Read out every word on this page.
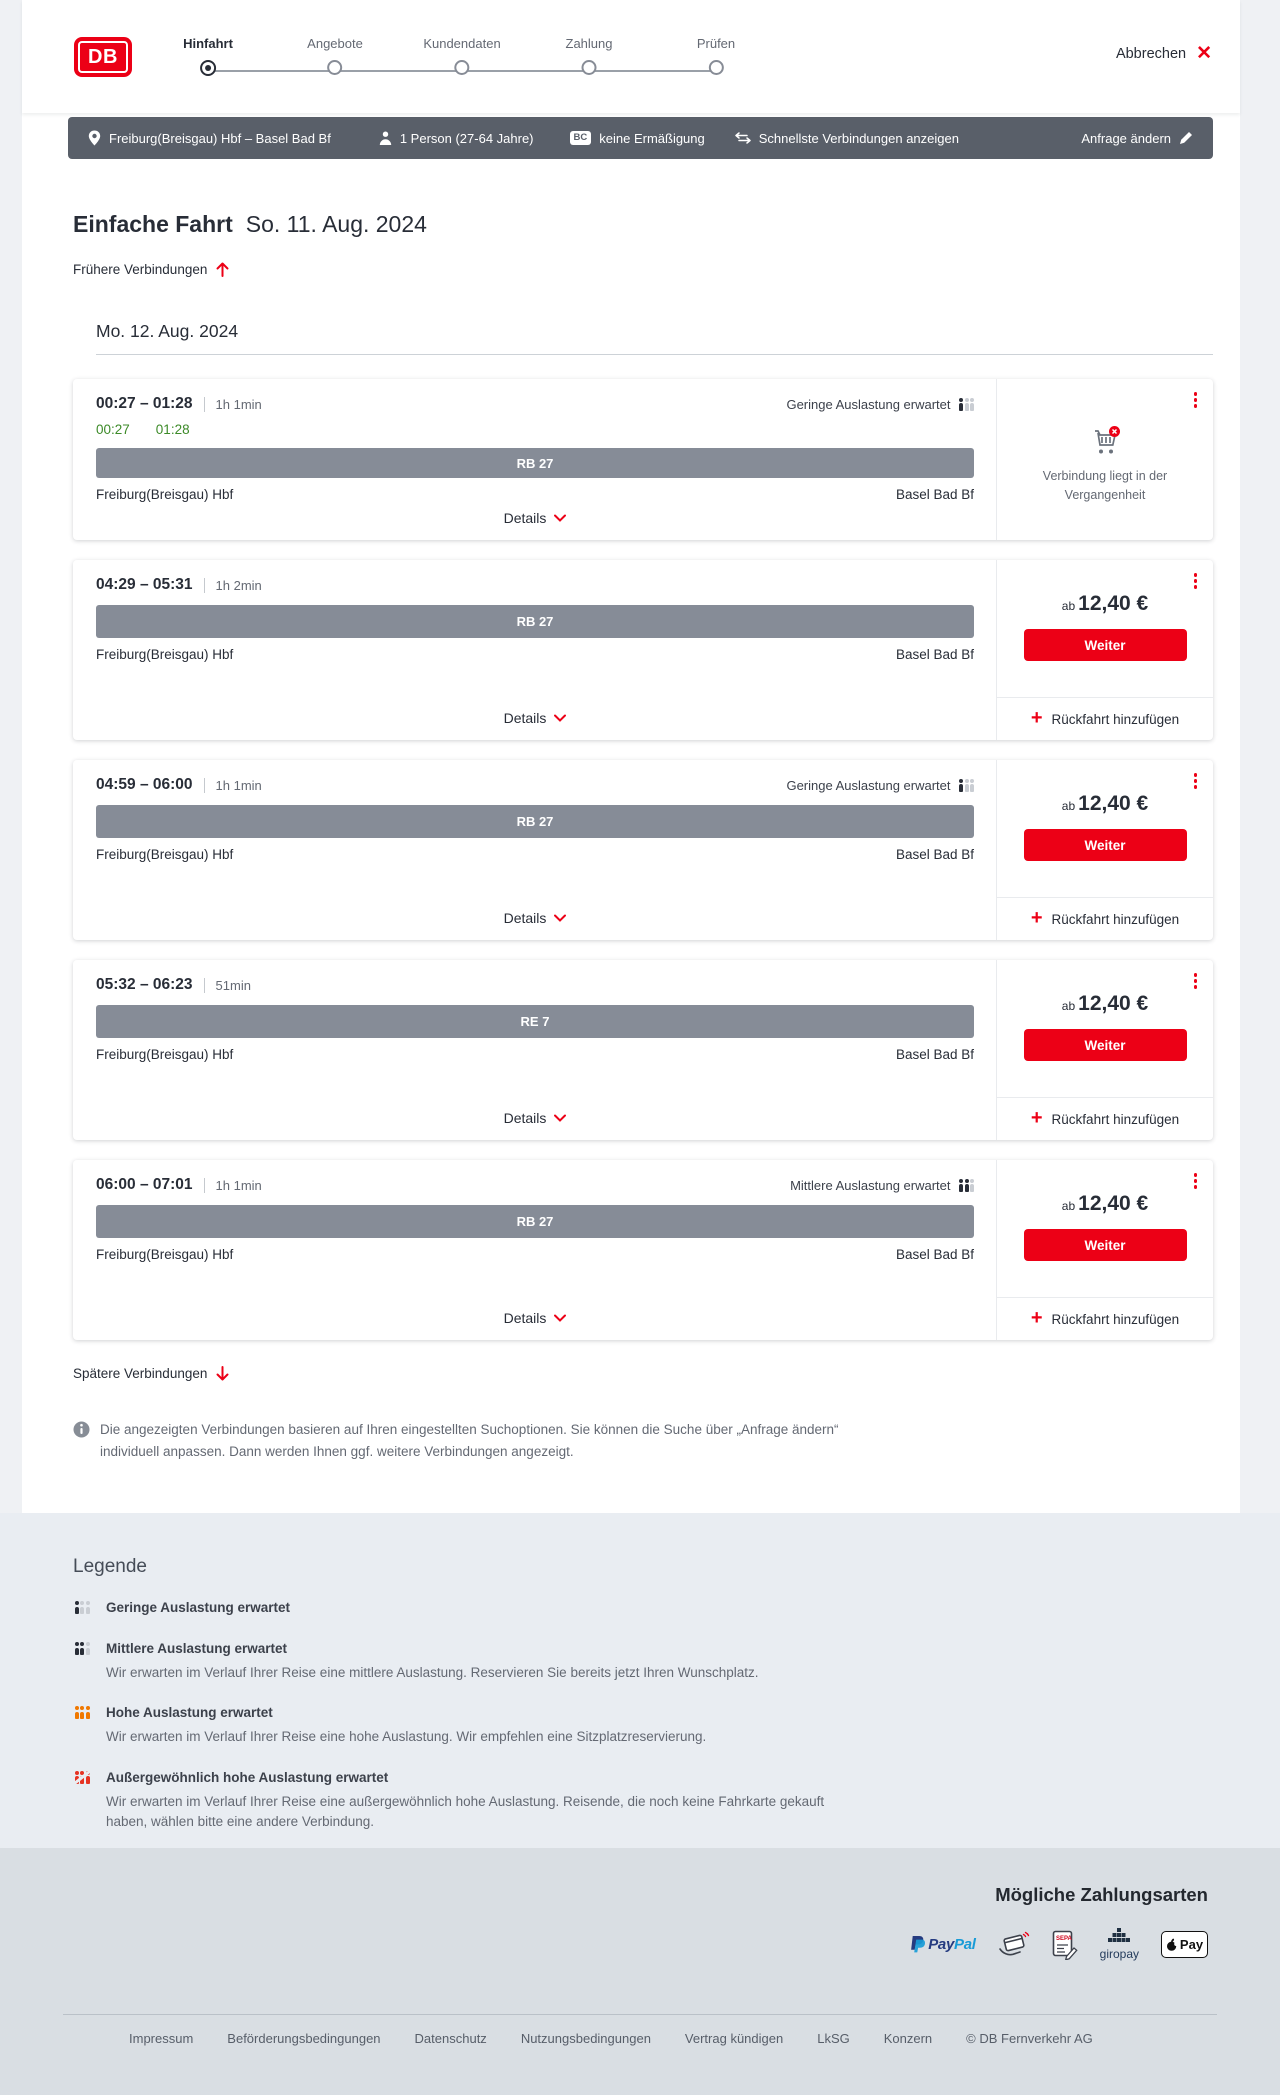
DB
Hinfahrt	Angebote	Kundendaten	Zahlung	Prüfen
Abbrechen ✕
Freiburg(Breisgau) Hbf – Basel Bad Bf	1 Person (27-64 Jahre)	BC keine Ermäßigung	Schnellste Verbindungen anzeigen	Anfrage ändern
Einfache Fahrt So. 11. Aug. 2024
Frühere Verbindungen
Mo. 12. Aug. 2024
00:27 – 01:28	1h 1min	Geringe Auslastung erwartet
00:27 01:28
RB 27
Freiburg(Breisgau) Hbf	Basel Bad Bf
Details
Verbindung liegt in der Vergangenheit
04:29 – 05:31	1h 2min
RB 27
Freiburg(Breisgau) Hbf	Basel Bad Bf
Details
ab 12,40 €
Weiter
+ Rückfahrt hinzufügen
04:59 – 06:00	1h 1min	Geringe Auslastung erwartet
RB 27
Freiburg(Breisgau) Hbf	Basel Bad Bf
Details
ab 12,40 €
Weiter
+ Rückfahrt hinzufügen
05:32 – 06:23	51min
RE 7
Freiburg(Breisgau) Hbf	Basel Bad Bf
Details
ab 12,40 €
Weiter
+ Rückfahrt hinzufügen
06:00 – 07:01	1h 1min	Mittlere Auslastung erwartet
RB 27
Freiburg(Breisgau) Hbf	Basel Bad Bf
Details
ab 12,40 €
Weiter
+ Rückfahrt hinzufügen
Spätere Verbindungen
Die angezeigten Verbindungen basieren auf Ihren eingestellten Suchoptionen. Sie können die Suche über „Anfrage ändern“ individuell anpassen. Dann werden Ihnen ggf. weitere Verbindungen angezeigt.
Legende
Geringe Auslastung erwartet
Mittlere Auslastung erwartet
Wir erwarten im Verlauf Ihrer Reise eine mittlere Auslastung. Reservieren Sie bereits jetzt Ihren Wunschplatz.
Hohe Auslastung erwartet
Wir erwarten im Verlauf Ihrer Reise eine hohe Auslastung. Wir empfehlen eine Sitzplatzreservierung.
Außergewöhnlich hohe Auslastung erwartet
Wir erwarten im Verlauf Ihrer Reise eine außergewöhnlich hohe Auslastung. Reisende, die noch keine Fahrkarte gekauft haben, wählen bitte eine andere Verbindung.
Mögliche Zahlungsarten
PayPal	SEPA
giropay
Pay
Impressum	Beförderungsbedingungen	Datenschutz	Nutzungsbedingungen	Vertrag kündigen	LkSG	Konzern	© DB Fernverkehr AG
